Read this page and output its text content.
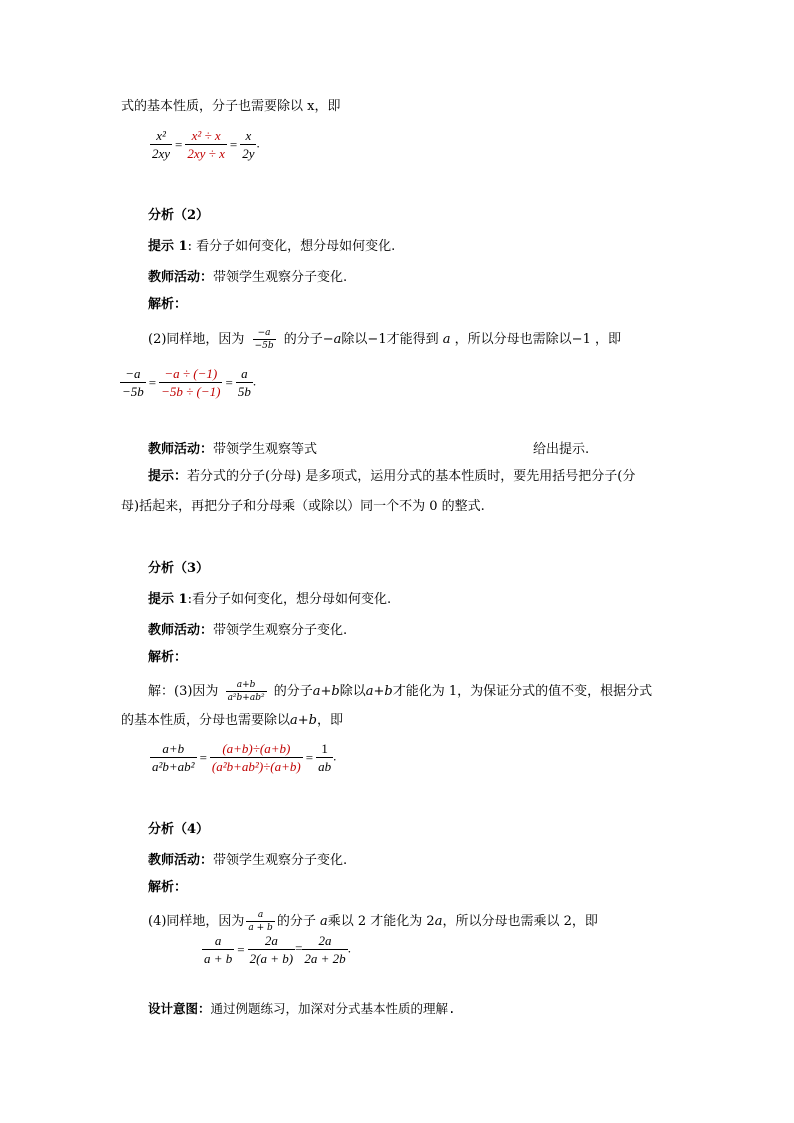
式的基本性质，分子也需要除以 x，即
$\frac{\text{x²}}{2xy} = \frac{\text{x² ÷ x}}{2xy \div x} = \frac{x}{2y}$ .
分析（2）
提示 1: 看分子如何变化，想分母如何变化.
教师活动：带领学生观察分子变化.
解析：
(2)同样地，因为 $\frac{-a}{-5b}$ 的分子−a除以−1才能得到 a ，所以分母也需除以−1 ，即
$\frac{-a}{-5b} = \frac{-a \div (-1)}{-5b \div (-1)} = \frac{a}{5b}$ .
教师活动：带领学生观察等式	给出提示.
提示：若分式的分子(分母) 是多项式，运用分式的基本性质时，要先用括号把分子(分
母)括起来，再把分子和分母乘（或除以）同一个不为 0 的整式.
分析（3）
提示 1:看分子如何变化，想分母如何变化.
教师活动：带领学生观察分子变化.
解析：
解：(3)因为 $\frac{a+b}{\text{a²b+ab²}}$ 的分子a+b除以a+b才能化为 1，为保证分式的值不变，根据分式
的基本性质，分母也需要除以a+b，即
$\frac{a+b}{\text{a²b+ab²}} = \frac{(a+b)\div(a+b)}{\text{(a²b+ab²)÷(a+b)}} = \frac{1}{ab}$ .
分析（4）
教师活动：带领学生观察分子变化.
解析：
(4)同样地，因为 $\frac{a}{a + b}$ 的分子 a乘以 2 才能化为 2a，所以分母也需乘以 2，即
$\frac{a}{a + b} = \frac{2a}{2(a + b)} = \frac{2a}{2a + 2b}$ .
设计意图：通过例题练习，加深对分式基本性质的理解.
